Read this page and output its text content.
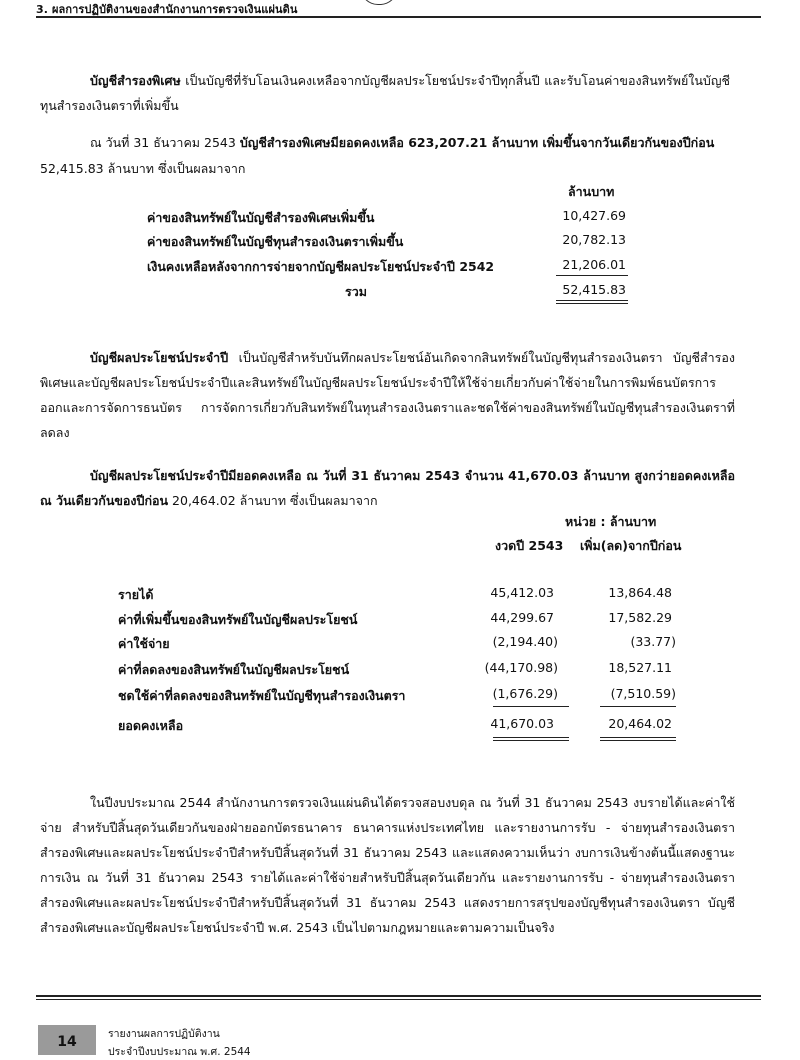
3. ผลการปฏิบัติงานของสำนักงานการตรวจเงินแผ่นดิน
บัญชีสำรองพิเศษ เป็นบัญชีที่รับโอนเงินคงเหลือจากบัญชีผลประโยชน์ประจำปีทุกสิ้นปี และรับโอนค่าของสินทรัพย์ในบัญชีทุนสำรองเงินตราที่เพิ่มขึ้น
ณ วันที่ 31 ธันวาคม 2543 บัญชีสำรองพิเศษมียอดคงเหลือ 623,207.21 ล้านบาท เพิ่มขึ้นจากวันเดียวกันของปีก่อน
52,415.83 ล้านบาท ซึ่งเป็นผลมาจาก
ล้านบาท
ค่าของสินทรัพย์ในบัญชีสำรองพิเศษเพิ่มขึ้น	10,427.69
ค่าของสินทรัพย์ในบัญชีทุนสำรองเงินตราเพิ่มขึ้น	20,782.13
เงินคงเหลือหลังจากการจ่ายจากบัญชีผลประโยชน์ประจำปี 2542	21,206.01
รวม	52,415.83
บัญชีผลประโยชน์ประจำปี เป็นบัญชีสำหรับบันทึกผลประโยชน์อันเกิดจากสินทรัพย์ในบัญชีทุนสำรองเงินตรา บัญชีสำรองพิเศษและบัญชีผลประโยชน์ประจำปีและสินทรัพย์ในบัญชีผลประโยชน์ประจำปีให้ใช้จ่ายเกี่ยวกับค่าใช้จ่ายในการพิมพ์ธนบัตรการออกและการจัดการธนบัตร การจัดการเกี่ยวกับสินทรัพย์ในทุนสำรองเงินตราและชดใช้ค่าของสินทรัพย์ในบัญชีทุนสำรองเงินตราที่ลดลง
บัญชีผลประโยชน์ประจำปีมียอดคงเหลือ ณ วันที่ 31 ธันวาคม 2543 จำนวน 41,670.03 ล้านบาท สูงกว่ายอดคงเหลือ ณ วันเดียวกันของปีก่อน 20,464.02 ล้านบาท ซึ่งเป็นผลมาจาก
หน่วย : ล้านบาท
งวดปี 2543 เพิ่ม(ลด)จากปีก่อน
รายได้	45,412.03	13,864.48
ค่าที่เพิ่มขึ้นของสินทรัพย์ในบัญชีผลประโยชน์	44,299.67	17,582.29
ค่าใช้จ่าย	(2,194.40)	(33.77)
ค่าที่ลดลงของสินทรัพย์ในบัญชีผลประโยชน์	(44,170.98)	18,527.11
ชดใช้ค่าที่ลดลงของสินทรัพย์ในบัญชีทุนสำรองเงินตรา	(1,676.29)	(7,510.59)
ยอดคงเหลือ	41,670.03	20,464.02
ในปีงบประมาณ 2544 สำนักงานการตรวจเงินแผ่นดินได้ตรวจสอบงบดุล ณ วันที่ 31 ธันวาคม 2543 งบรายได้และค่าใช้จ่าย สำหรับปีสิ้นสุดวันเดียวกันของฝ่ายออกบัตรธนาคาร ธนาคารแห่งประเทศไทย และรายงานการรับ - จ่ายทุนสำรองเงินตรา สำรองพิเศษและผลประโยชน์ประจำปีสำหรับปีสิ้นสุดวันที่ 31 ธันวาคม 2543 และแสดงความเห็นว่า งบการเงินข้างต้นนี้แสดงฐานะการเงิน ณ วันที่ 31 ธันวาคม 2543 รายได้และค่าใช้จ่ายสำหรับปีสิ้นสุดวันเดียวกัน และรายงานการรับ - จ่ายทุนสำรองเงินตราสำรองพิเศษและผลประโยชน์ประจำปีสำหรับปีสิ้นสุดวันที่ 31 ธันวาคม 2543 แสดงรายการสรุปของบัญชีทุนสำรองเงินตรา บัญชีสำรองพิเศษและบัญชีผลประโยชน์ประจำปี พ.ศ. 2543 เป็นไปตามกฎหมายและตามความเป็นจริง
14	รายงานผลการปฏิบัติงาน
ประจำปีงบประมาณ พ.ศ. 2544
